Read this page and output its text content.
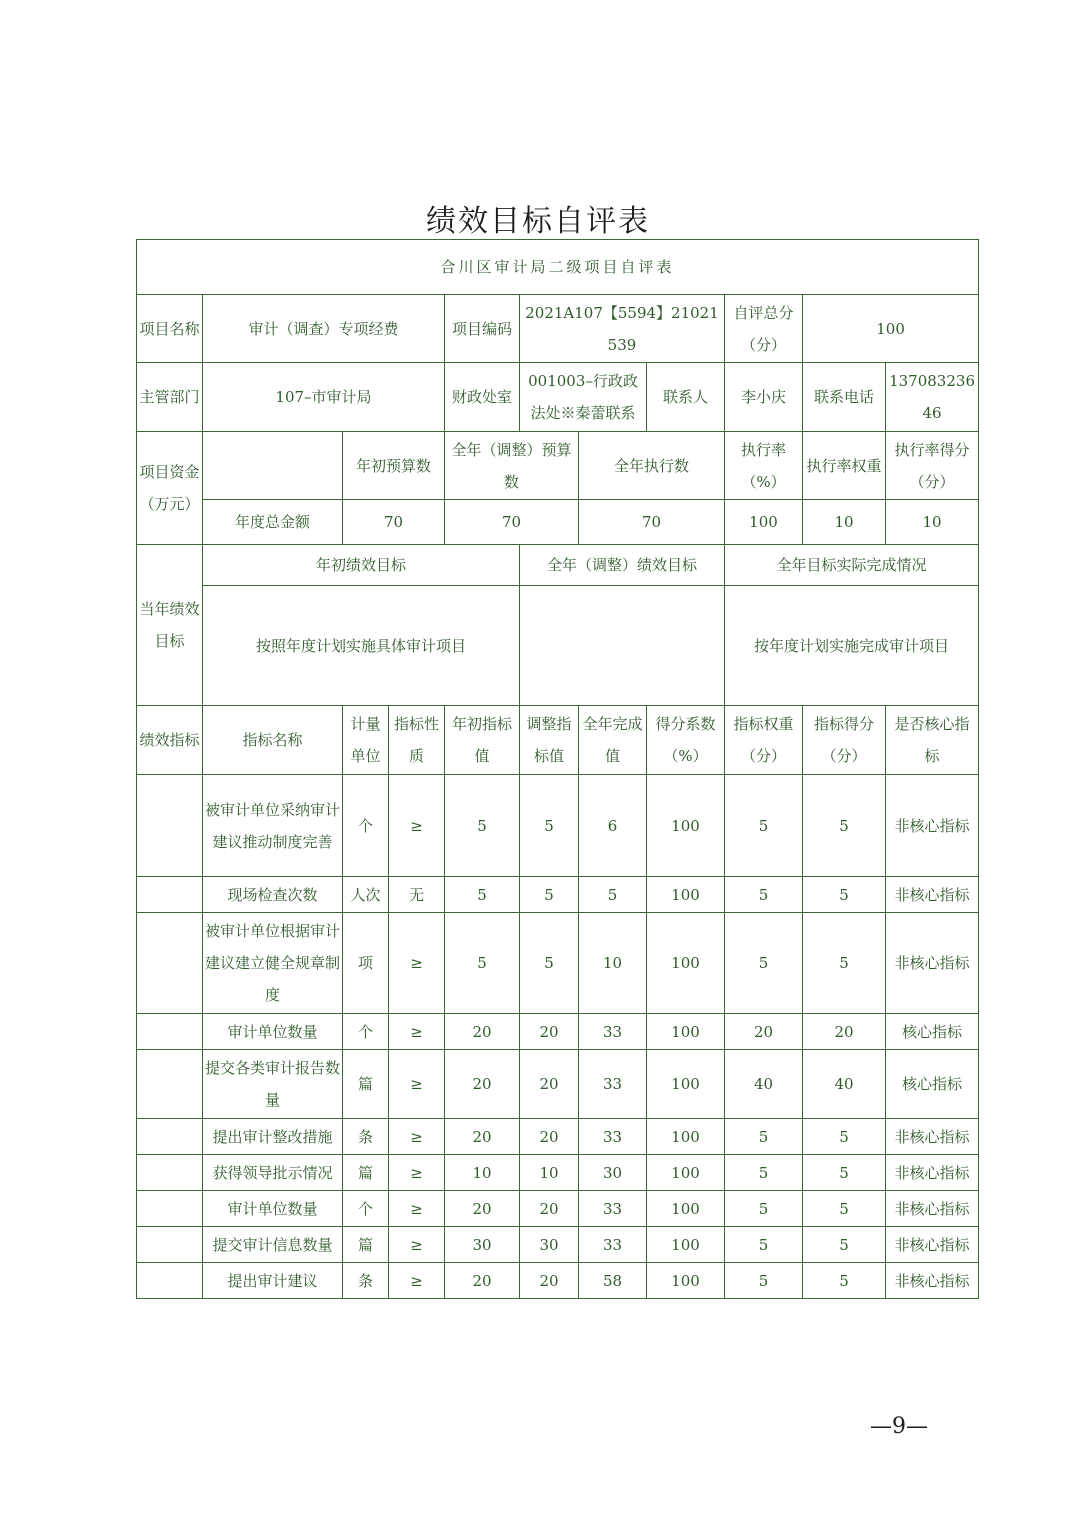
绩效目标自评表
合川区审计局二级项目自评表										
项目名称	审计（调查）专项经费			项目编码	2021A107【5594】21021539			自评总分（分）	100	
主管部门	107–市审计局			财政处室	001003–行政政法处※秦蕾联系		联系人	李小庆	联系电话	13708323646
项目资金（万元）		年初预算数		全年（调整）预算数		全年执行数		执行率（%）	执行率权重	执行率得分（分）
	年度总金额	70		70		70		100	10	10
当年绩效目标	年初绩效目标				全年（调整）绩效目标			全年目标实际完成情况		
	按照年度计划实施具体审计项目							按年度计划实施完成审计项目		
绩效指标	指标名称	计量单位	指标性质	年初指标值	调整指标值	全年完成值	得分系数（%）	指标权重（分）	指标得分（分）	是否核心指标
	被审计单位采纳审计建议推动制度完善	个	≥	5	5	6	100	5	5	非核心指标
	现场检查次数	人次	无	5	5	5	100	5	5	非核心指标
	被审计单位根据审计建议建立健全规章制度	项	≥	5	5	10	100	5	5	非核心指标
	审计单位数量	个	≥	20	20	33	100	20	20	核心指标
	提交各类审计报告数量	篇	≥	20	20	33	100	40	40	核心指标
	提出审计整改措施	条	≥	20	20	33	100	5	5	非核心指标
	获得领导批示情况	篇	≥	10	10	30	100	5	5	非核心指标
	审计单位数量	个	≥	20	20	33	100	5	5	非核心指标
	提交审计信息数量	篇	≥	30	30	33	100	5	5	非核心指标
	提出审计建议	条	≥	20	20	58	100	5	5	非核心指标
—9—
